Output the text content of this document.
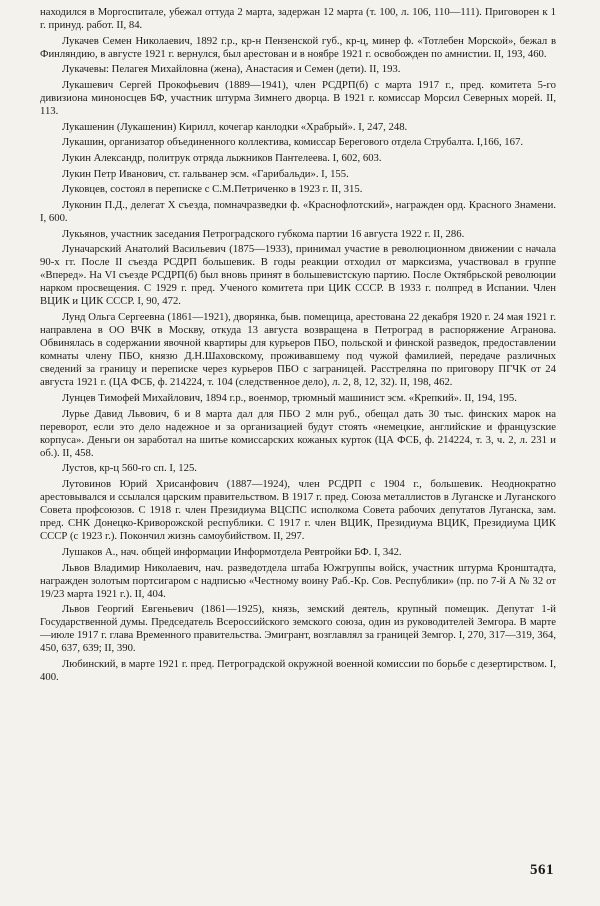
находился в Моргоспитале, убежал оттуда 2 марта, задержан 12 марта (т. 100, л. 106, 110—111). Приговорен к 1 г. принуд. работ. II, 84.

Лукачев Семен Николаевич, 1892 г.р., кр-н Пензенской губ., кр-ц, минер ф. «Тотлебен Морской», бежал в Финляндию, в августе 1921 г. вернулся, был арестован и в ноябре 1921 г. освобожден по амнистии. II, 193, 460.

Лукачевы: Пелагея Михайловна (жена), Анастасия и Семен (дети). II, 193.

Лукашевич Сергей Прокофьевич (1889—1941), член РСДРП(б) с марта 1917 г., пред. комитета 5-го дивизиона миноносцев БФ, участник штурма Зимнего дворца. В 1921 г. комиссар Морсил Северных морей. II, 113.

Лукашенин (Лукашенин) Кирилл, кочегар канлодки «Храбрый». I, 247, 248.

Лукашин, организатор объединенного коллектива, комиссар Берегового отдела Струбалта. I,166, 167.

Лукин Александр, политрук отряда лыжников Пантелеева. I, 602, 603.

Лукин Петр Иванович, ст. гальванер эсм. «Гарибальди». I, 155.

Луковцев, состоял в переписке с С.М.Петриченко в 1923 г. II, 315.

Луконин П.Д., делегат X съезда, помначразведки ф. «Краснофлотский», награжден орд. Красного Знамени. I, 600.

Лукьянов, участник заседания Петроградского губкома партии 16 августа 1922 г. II, 286.

Луначарский Анатолий Васильевич (1875—1933), принимал участие в революционном движении с начала 90-х гг. После II съезда РСДРП большевик. В годы реакции отходил от марксизма, участвовал в группе «Вперед». На VI съезде РСДРП(б) был вновь принят в большевистскую партию. После Октябрьской революции нарком просвещения. С 1929 г. пред. Ученого комитета при ЦИК СССР. В 1933 г. полпред в Испании. Член ВЦИК и ЦИК СССР. I, 90, 472.

Лунд Ольга Сергеевна (1861—1921), дворянка, быв. помещица, арестована 22 декабря 1920 г. 24 мая 1921 г. направлена в ОО ВЧК в Москву, откуда 13 августа возвращена в Петроград в распоряжение Агранова. Обвинялась в содержании явочной квартиры для курьеров ПБО, польской и финской разведок, предоставлении комнаты члену ПБО, князю Д.Н.Шаховскому, проживавшему под чужой фамилией, передаче различных сведений за границу и переписке через курьеров ПБО с заграницей. Расстреляна по приговору ПГЧК от 24 августа 1921 г. (ЦА ФСБ, ф. 214224, т. 104 (следственное дело), л. 2, 8, 12, 32). II, 198, 462.

Лунцев Тимофей Михайлович, 1894 г.р., военмор, трюмный машинист эсм. «Крепкий». II, 194, 195.

Лурье Давид Львович, 6 и 8 марта дал для ПБО 2 млн руб., обещал дать 30 тыс. финских марок на переворот, если это дело надежное и за организацией будут стоять «немецкие, английские и французские корпуса». Деньги он заработал на шитье комиссарских кожаных курток (ЦА ФСБ, ф. 214224, т. 3, ч. 2, л. 231 и об.). II, 458.

Лустов, кр-ц 560-го сп. I, 125.

Лутовинов Юрий Хрисанфович (1887—1924), член РСДРП с 1904 г., большевик. Неоднократно арестовывался и ссылался царским правительством. В 1917 г. пред. Союза металлистов в Луганске и Луганского Совета профсоюзов. С 1918 г. член Президиума ВЦСПС исполкома Совета рабочих депутатов Луганска, зам. пред. СНК Донецко-Криворожской республики. С 1917 г. член ВЦИК, Президиума ВЦИК, Президиума ЦИК СССР (с 1923 г.). Покончил жизнь самоубийством. II, 297.

Лушаков А., нач. общей информации Информотдела Ревтройки БФ. I, 342.

Львов Владимир Николаевич, нач. разведотдела штаба Южгруппы войск, участник штурма Кронштадта, награжден золотым портсигаром с надписью «Честному воину Раб.-Кр. Сов. Республики» (пр. по 7-й А № 32 от 19/23 марта 1921 г.). II, 404.

Львов Георгий Евгеньевич (1861—1925), князь, земский деятель, крупный помещик. Депутат 1-й Государственной думы. Председатель Всероссийского земского союза, один из руководителей Земгора. В марте—июле 1917 г. глава Временного правительства. Эмигрант, возглавлял за границей Земгор. I, 270, 317—319, 364, 450, 637, 639; II, 390.

Любинский, в марте 1921 г. пред. Петроградской окружной военной комиссии по борьбе с дезертирством. I, 400.

561
